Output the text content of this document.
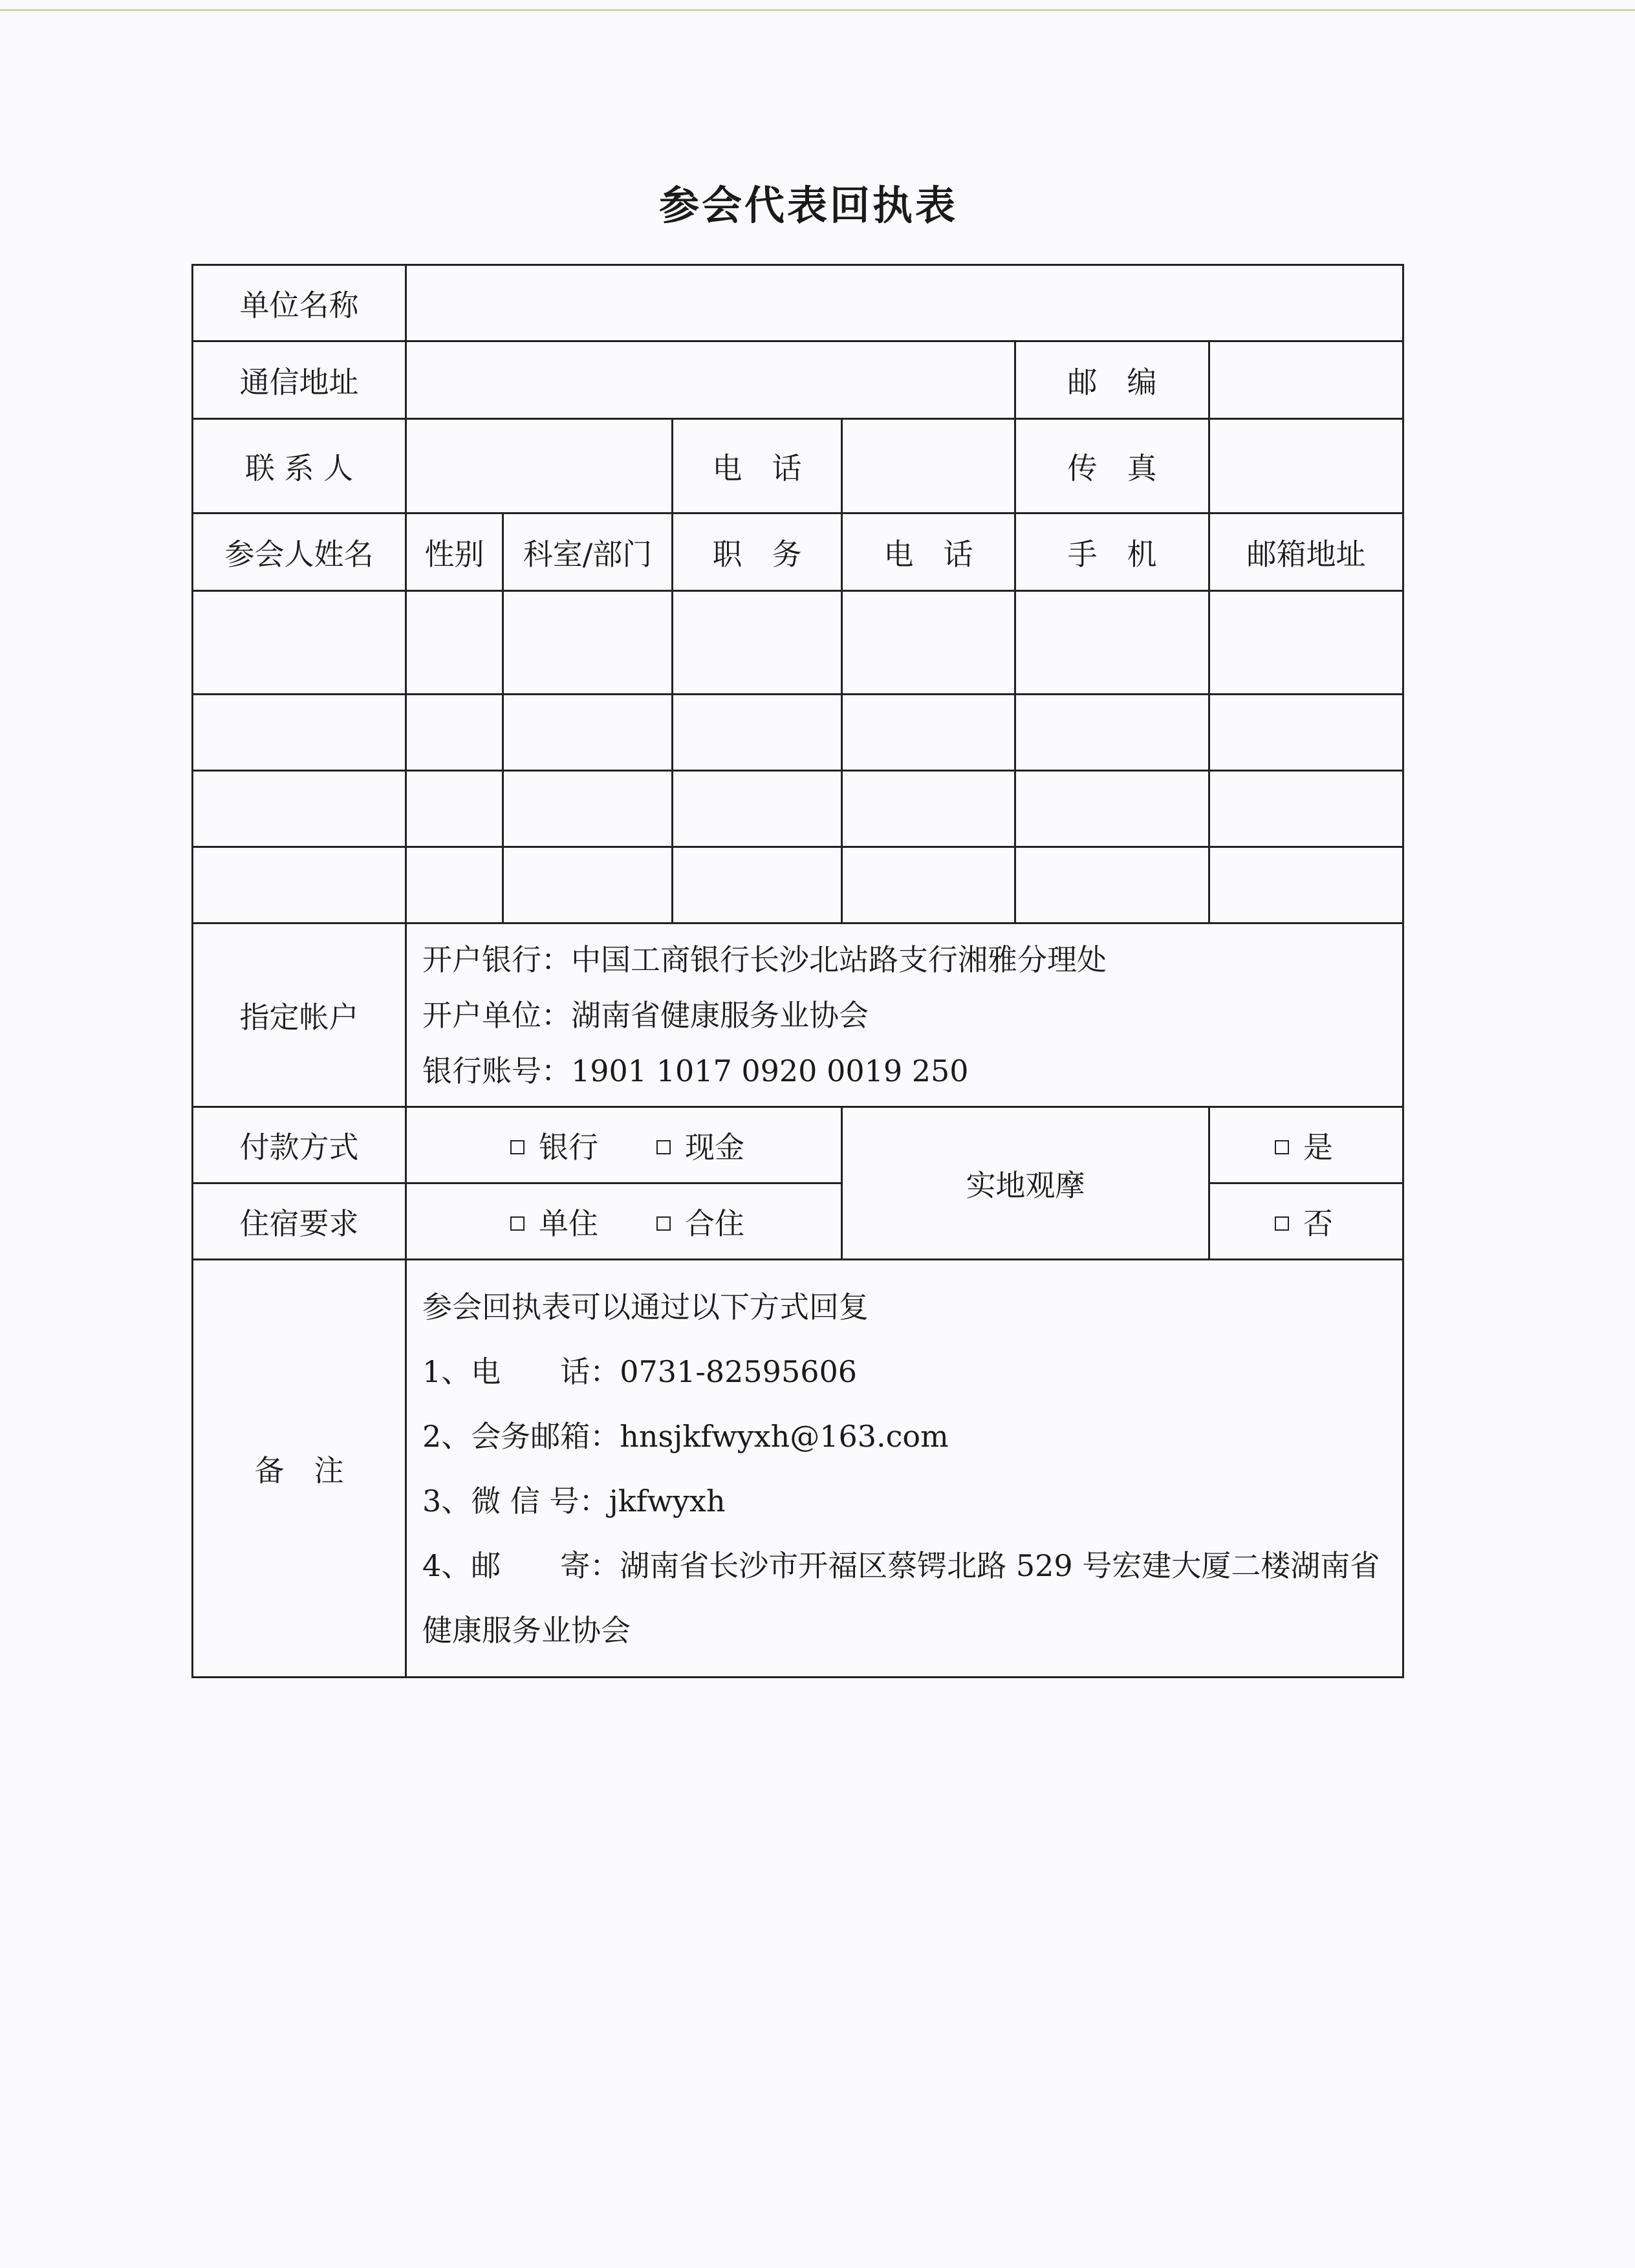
参会代表回执表
单位名称						
通信地址					邮　编	
联 系 人			电　话		传　真	
参会人姓名	性别	科室/部门	职　务	电　话	手　机	邮箱地址

指定帐户	开户银行：中国工商银行长沙北站路支行湘雅分理处
开户单位：湖南省健康服务业协会
银行账号：1901 1017 0920 0019 250					

付款方式	银行 现金			实地观摩		是
住宿要求	单住 合住					否
备　注	参会回执表可以通过以下方式回复
1、电　　话：0731-82595606
2、会务邮箱：hnsjkfwyxh@163.com
3、微 信 号：jkfwyxh
4、邮　　寄：湖南省长沙市开福区蔡锷北路 529 号宏建大厦二楼湖南省健康服务业协会					
